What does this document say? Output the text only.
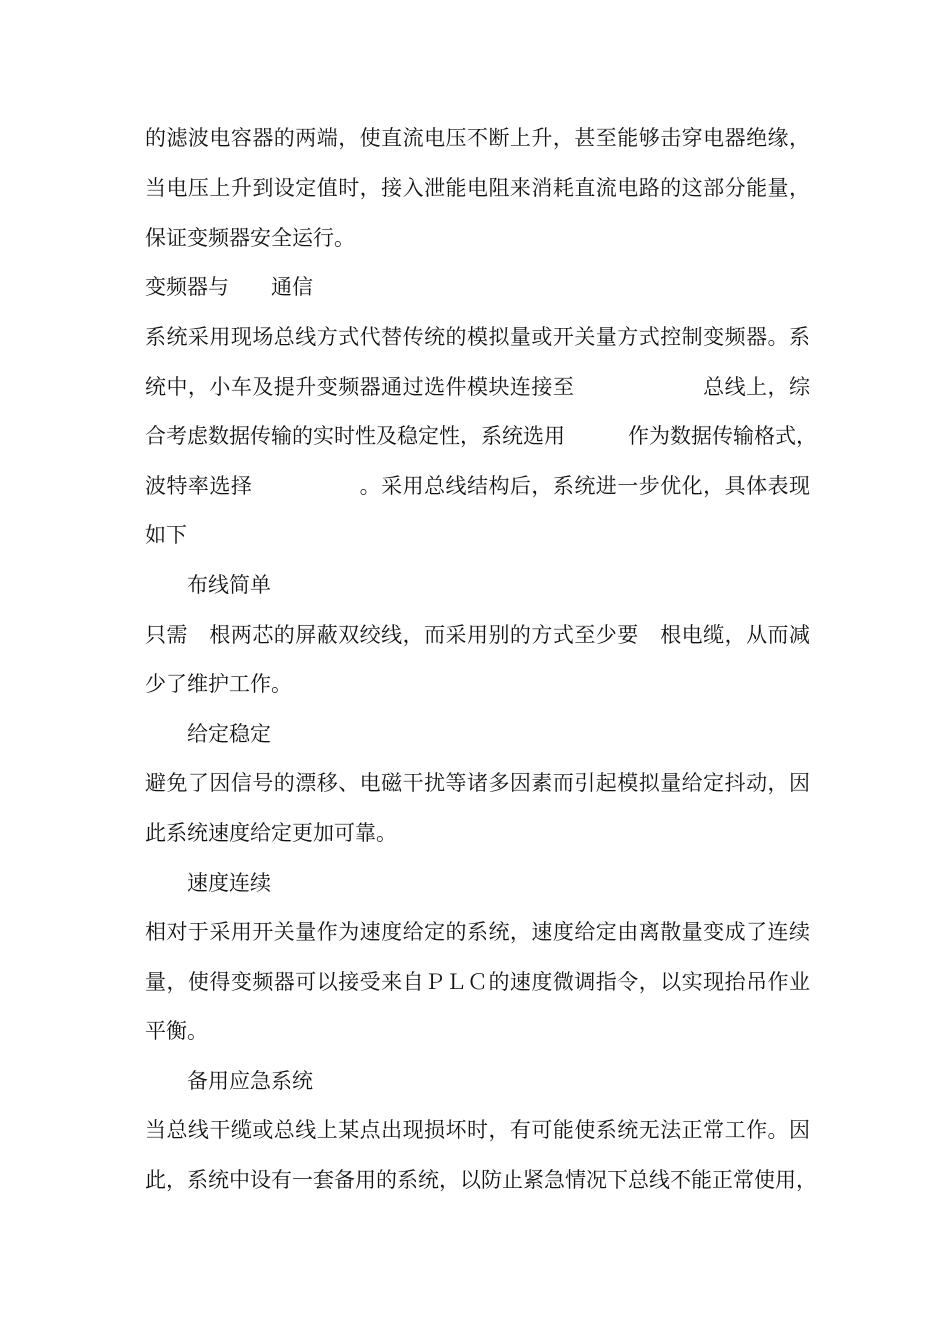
的滤波电容器的两端，使直流电压不断上升，甚至能够击穿电器绝缘，
当电压上升到设定值时，接入泄能电阻来消耗直流电路的这部分能量，
保证变频器安全运行。
变频器与　　通信
系统采用现场总线方式代替传统的模拟量或开关量方式控制变频器。系
统中，小车及提升变频器通过选件模块连接至　　　　　　总线上，综
合考虑数据传输的实时性及稳定性，系统选用　　　作为数据传输格式，
波特率选择　　　　　。采用总线结构后，系统进一步优化，具体表现
如下
　　布线简单
只需　根两芯的屏蔽双绞线，而采用别的方式至少要　根电缆，从而减
少了维护工作。
　　给定稳定
避免了因信号的漂移、电磁干扰等诸多因素而引起模拟量给定抖动，因
此系统速度给定更加可靠。
　　速度连续
相对于采用开关量作为速度给定的系统，速度给定由离散量变成了连续
量，使得变频器可以接受来自ＰＬＣ的速度微调指令，以实现抬吊作业
平衡。
　　备用应急系统
当总线干缆或总线上某点出现损坏时，有可能使系统无法正常工作。因
此，系统中设有一套备用的系统，以防止紧急情况下总线不能正常使用，
